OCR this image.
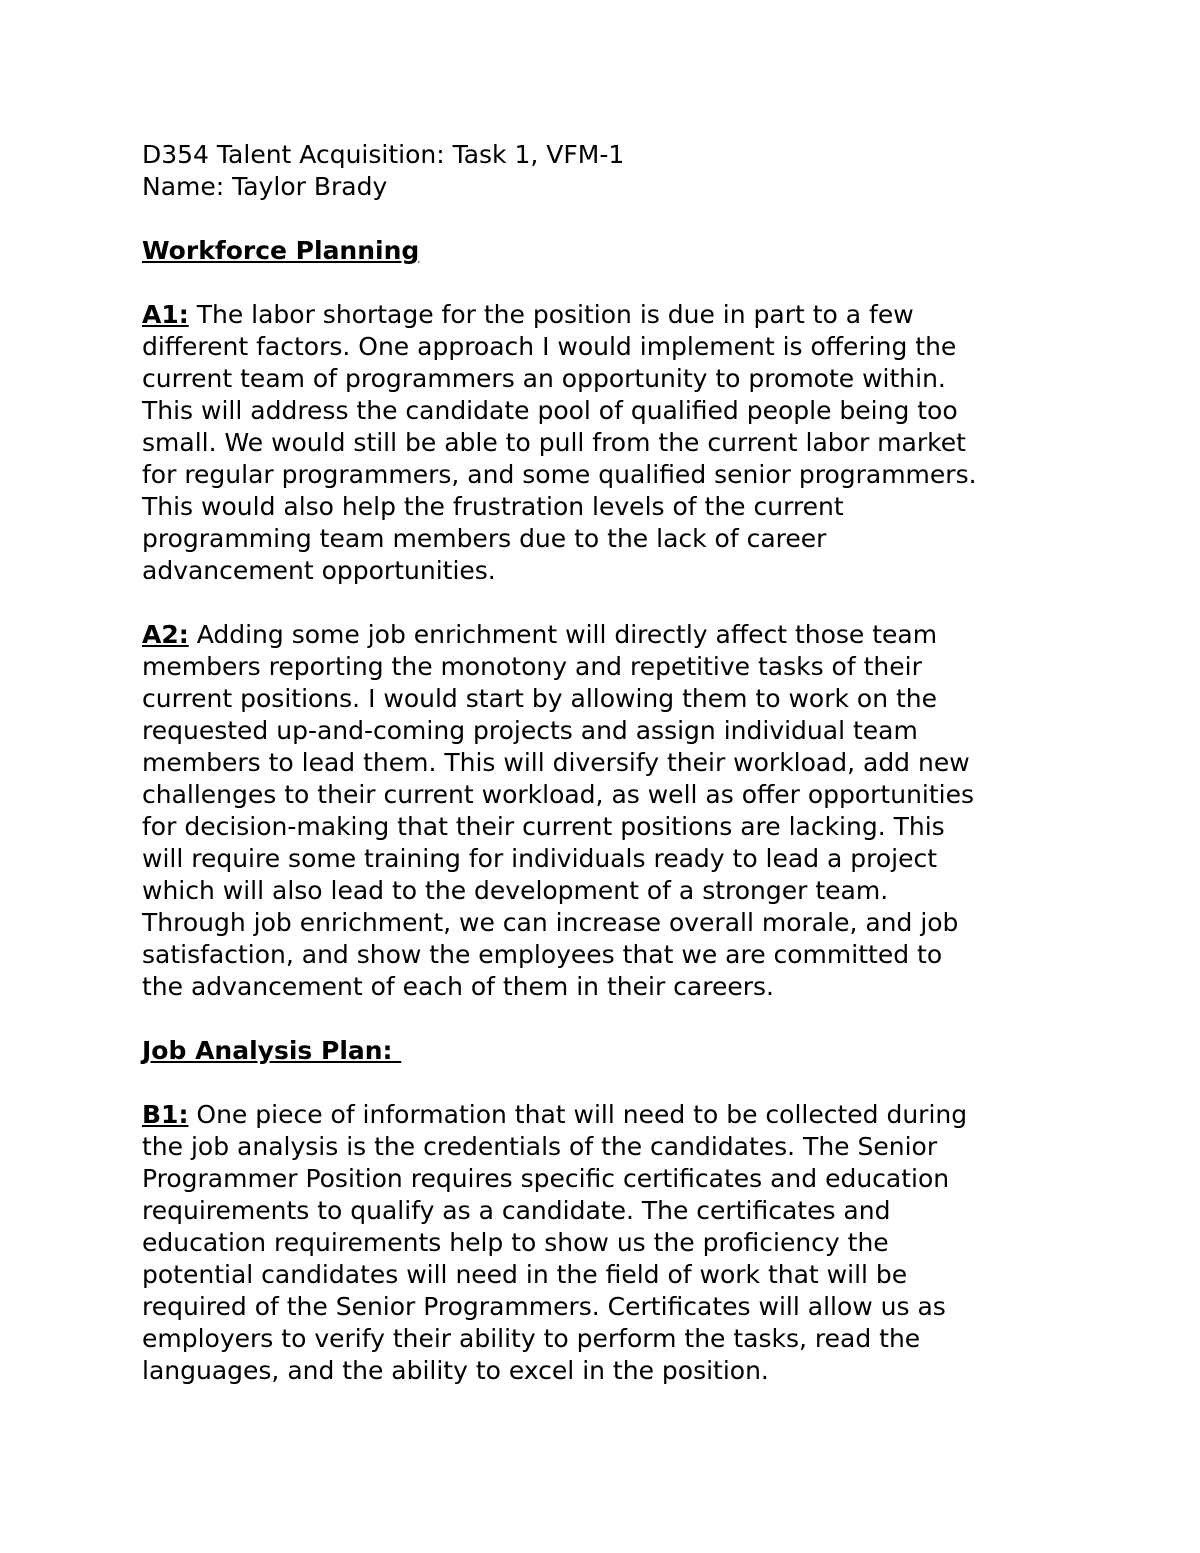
D354 Talent Acquisition: Task 1, VFM-1
Name: Taylor Brady
Workforce Planning
A1: The labor shortage for the position is due in part to a few
different factors. One approach I would implement is offering the
current team of programmers an opportunity to promote within.
This will address the candidate pool of qualified people being too
small. We would still be able to pull from the current labor market
for regular programmers, and some qualified senior programmers.
This would also help the frustration levels of the current
programming team members due to the lack of career
advancement opportunities.
A2: Adding some job enrichment will directly affect those team
members reporting the monotony and repetitive tasks of their
current positions. I would start by allowing them to work on the
requested up-and-coming projects and assign individual team
members to lead them. This will diversify their workload, add new
challenges to their current workload, as well as offer opportunities
for decision-making that their current positions are lacking. This
will require some training for individuals ready to lead a project
which will also lead to the development of a stronger team.
Through job enrichment, we can increase overall morale, and job
satisfaction, and show the employees that we are committed to
the advancement of each of them in their careers.
Job Analysis Plan:
B1: One piece of information that will need to be collected during
the job analysis is the credentials of the candidates. The Senior
Programmer Position requires specific certificates and education
requirements to qualify as a candidate. The certificates and
education requirements help to show us the proficiency the
potential candidates will need in the field of work that will be
required of the Senior Programmers. Certificates will allow us as
employers to verify their ability to perform the tasks, read the
languages, and the ability to excel in the position.
